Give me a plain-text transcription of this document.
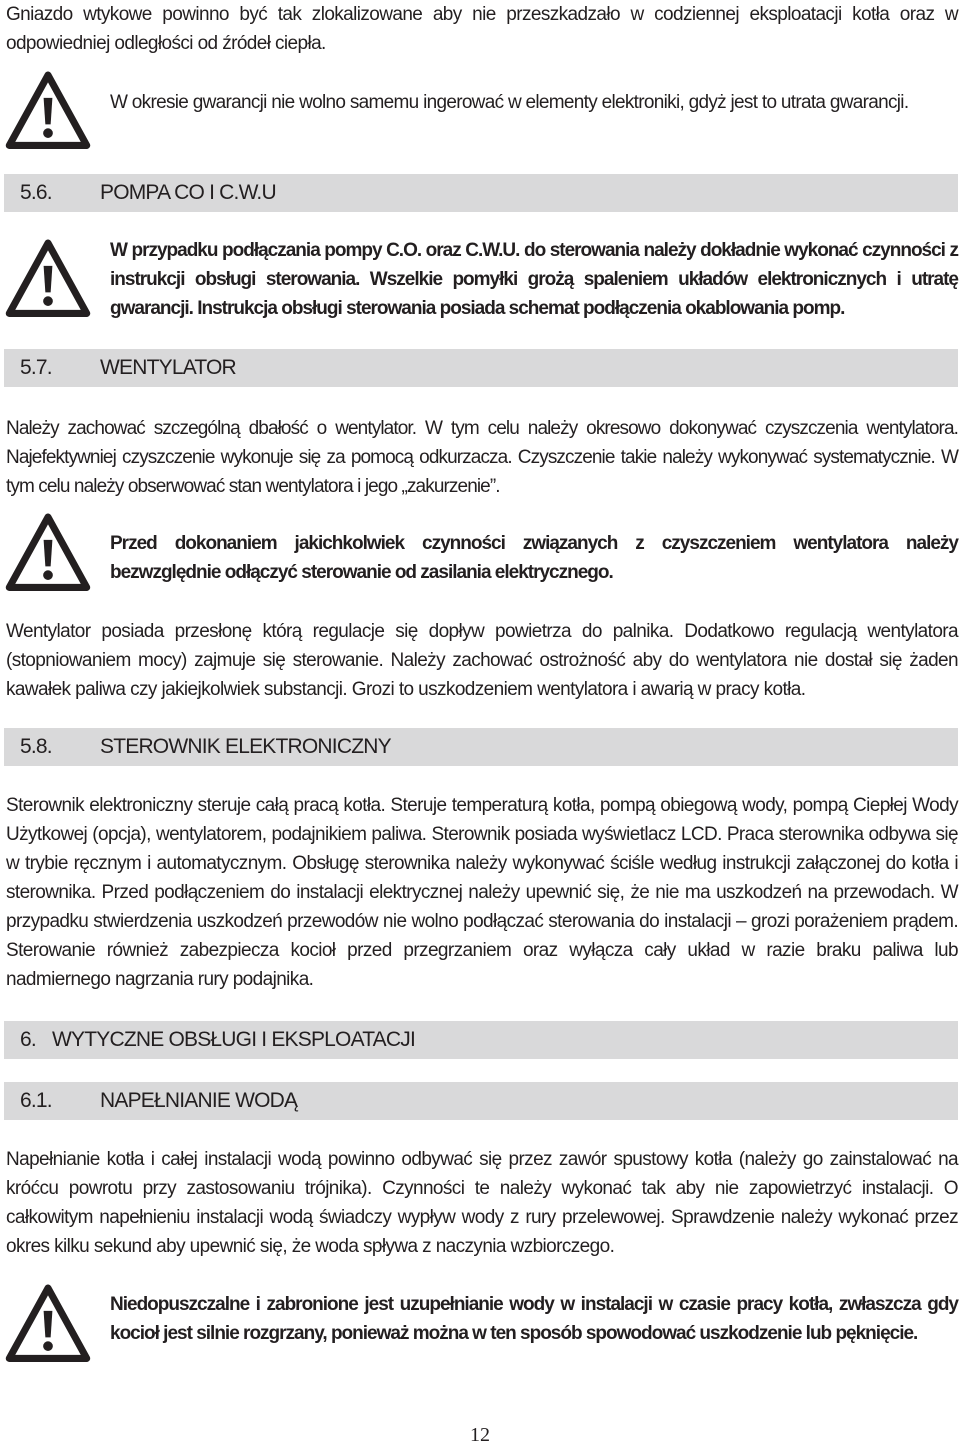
Gniazdo wtykowe powinno być tak zlokalizowane aby nie przeszkadzało w codziennej eksploatacji kotła oraz w odpowiedniej odległości od źródeł ciepła.
W okresie gwarancji nie wolno samemu ingerować w elementy elektroniki, gdyż jest to utrata gwarancji.
5.6. POMPA CO I C.W.U
W przypadku podłączania pompy C.O. oraz C.W.U. do sterowania należy dokładnie wykonać czynności z instrukcji obsługi sterowania. Wszelkie pomyłki grożą spaleniem układów elektronicznych i utratę gwarancji. Instrukcja obsługi sterowania posiada schemat podłączenia okablowania pomp.
5.7. WENTYLATOR
Należy zachować szczególną dbałość o wentylator. W tym celu należy okresowo dokonywać czyszczenia wentylatora. Najefektywniej czyszczenie wykonuje się za pomocą odkurzacza. Czyszczenie takie należy wykonywać systematycznie. W tym celu należy obserwować stan wentylatora i jego „zakurzenie”.
Przed dokonaniem jakichkolwiek czynności związanych z czyszczeniem wentylatora należy bezwzględnie odłączyć sterowanie od zasilania elektrycznego.
Wentylator posiada przesłonę którą regulacje się dopływ powietrza do palnika. Dodatkowo regulacją wentylatora (stopniowaniem mocy) zajmuje się sterowanie. Należy zachować ostrożność aby do wentylatora nie dostał się żaden kawałek paliwa czy jakiejkolwiek substancji. Grozi to uszkodzeniem wentylatora i awarią w pracy kotła.
5.8. STEROWNIK ELEKTRONICZNY
Sterownik elektroniczny steruje całą pracą kotła. Steruje temperaturą kotła, pompą obiegową wody, pompą Ciepłej Wody Użytkowej (opcja), wentylatorem, podajnikiem paliwa. Sterownik posiada wyświetlacz LCD. Praca sterownika odbywa się w trybie ręcznym i automatycznym. Obsługę sterownika należy wykonywać ściśle według instrukcji załączonej do kotła i sterownika. Przed podłączeniem do instalacji elektrycznej należy upewnić się, że nie ma uszkodzeń na przewodach. W przypadku stwierdzenia uszkodzeń przewodów nie wolno podłączać sterowania do instalacji – grozi porażeniem prądem. Sterowanie również zabezpiecza kocioł przed przegrzaniem oraz wyłącza cały układ w razie braku paliwa lub nadmiernego nagrzania rury podajnika.
6. WYTYCZNE OBSŁUGI I EKSPLOATACJI
6.1. NAPEŁNIANIE WODĄ
Napełnianie kotła i całej instalacji wodą powinno odbywać się przez zawór spustowy kotła (należy go zainstalować na króćcu powrotu przy zastosowaniu trójnika). Czynności te należy wykonać tak aby nie zapowietrzyć instalacji. O całkowitym napełnieniu instalacji wodą świadczy wypływ wody z rury przelewowej. Sprawdzenie należy wykonać przez okres kilku sekund aby upewnić się, że woda spływa z naczynia wzbiorczego.
Niedopuszczalne i zabronione jest uzupełnianie wody w instalacji w czasie pracy kotła, zwłaszcza gdy kocioł jest silnie rozgrzany, ponieważ można w ten sposób spowodować uszkodzenie lub pęknięcie.
12
